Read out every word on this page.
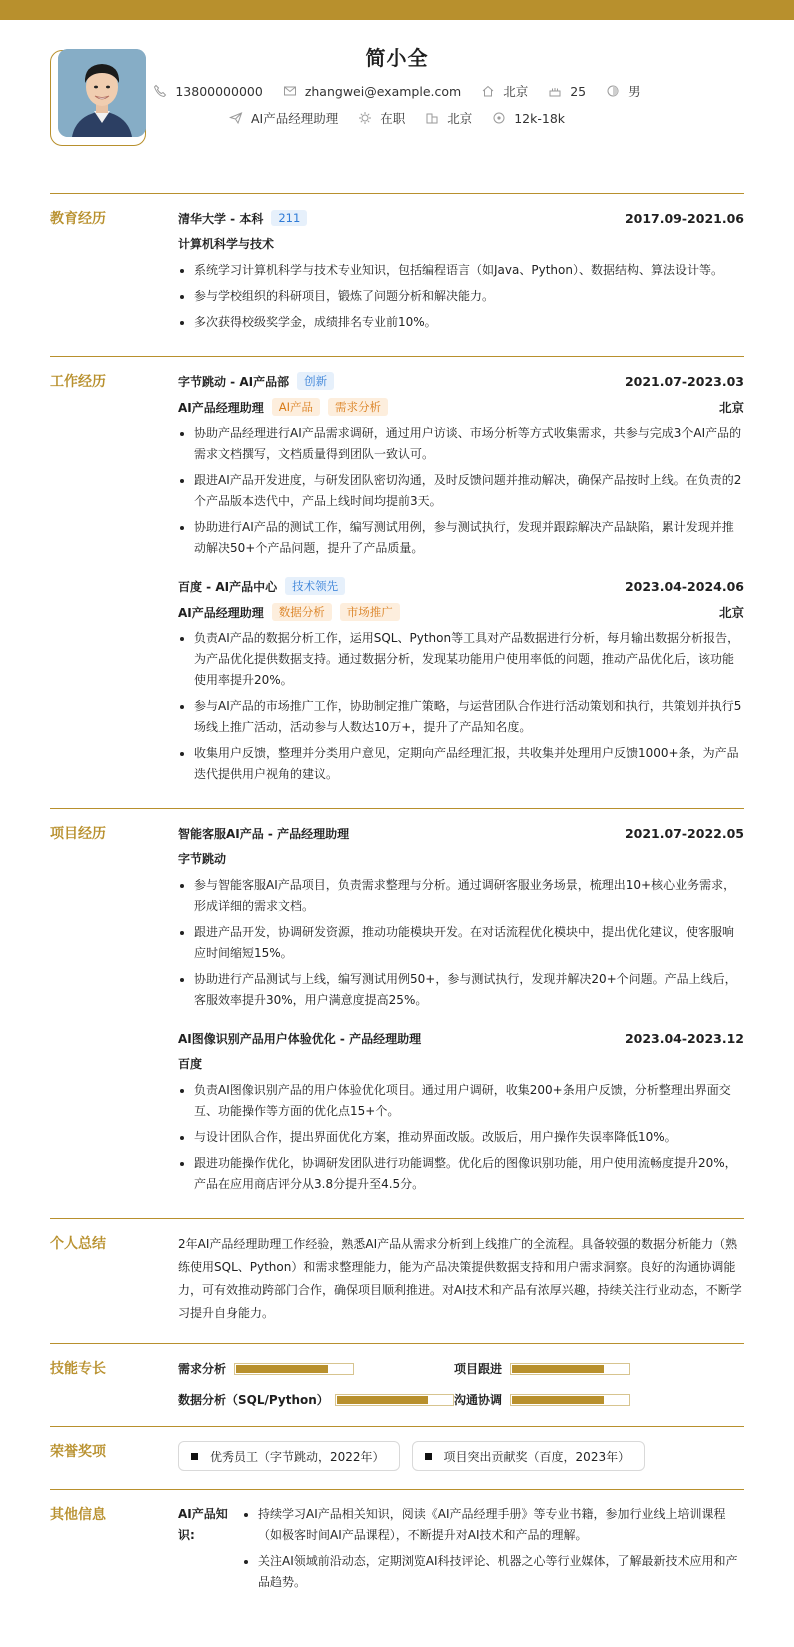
简小全
13800000000	zhangwei@example.com	北京	25	男
AI产品经理助理	在职	北京	12k-18k
教育经历	清华大学 - 本科	211	2017.09-2021.06
计算机科学与技术
系统学习计算机科学与技术专业知识，包括编程语言（如Java、Python）、数据结构、算法设计等。
参与学校组织的科研项目，锻炼了问题分析和解决能力。
多次获得校级奖学金，成绩排名专业前10%。
工作经历	字节跳动 - AI产品部	创新	2021.07-2023.03
AI产品经理助理	AI产品	需求分析	北京
协助产品经理进行AI产品需求调研，通过用户访谈、市场分析等方式收集需求，共参与完成3个AI产品的需求文档撰写，文档质量得到团队一致认可。
跟进AI产品开发进度，与研发团队密切沟通，及时反馈问题并推动解决，确保产品按时上线。在负责的2个产品版本迭代中，产品上线时间均提前3天。
协助进行AI产品的测试工作，编写测试用例，参与测试执行，发现并跟踪解决产品缺陷，累计发现并推动解决50+个产品问题，提升了产品质量。
百度 - AI产品中心	技术领先	2023.04-2024.06
AI产品经理助理	数据分析	市场推广	北京
负责AI产品的数据分析工作，运用SQL、Python等工具对产品数据进行分析，每月输出数据分析报告，为产品优化提供数据支持。通过数据分析，发现某功能用户使用率低的问题，推动产品优化后，该功能使用率提升20%。
参与AI产品的市场推广工作，协助制定推广策略，与运营团队合作进行活动策划和执行，共策划并执行5场线上推广活动，活动参与人数达10万+，提升了产品知名度。
收集用户反馈，整理并分类用户意见，定期向产品经理汇报，共收集并处理用户反馈1000+条，为产品迭代提供用户视角的建议。
项目经历	智能客服AI产品 - 产品经理助理	2021.07-2022.05
字节跳动
参与智能客服AI产品项目，负责需求整理与分析。通过调研客服业务场景，梳理出10+核心业务需求，形成详细的需求文档。
跟进产品开发，协调研发资源，推动功能模块开发。在对话流程优化模块中，提出优化建议，使客服响应时间缩短15%。
协助进行产品测试与上线，编写测试用例50+，参与测试执行，发现并解决20+个问题。产品上线后，客服效率提升30%，用户满意度提高25%。
AI图像识别产品用户体验优化 - 产品经理助理	2023.04-2023.12
百度
负责AI图像识别产品的用户体验优化项目。通过用户调研，收集200+条用户反馈，分析整理出界面交互、功能操作等方面的优化点15+个。
与设计团队合作，提出界面优化方案，推动界面改版。改版后，用户操作失误率降低10%。
跟进功能操作优化，协调研发团队进行功能调整。优化后的图像识别功能，用户使用流畅度提升20%，产品在应用商店评分从3.8分提升至4.5分。
个人总结	2年AI产品经理助理工作经验，熟悉AI产品从需求分析到上线推广的全流程。具备较强的数据分析能力（熟练使用SQL、Python）和需求整理能力，能为产品决策提供数据支持和用户需求洞察。良好的沟通协调能力，可有效推动跨部门合作，确保项目顺利推进。对AI技术和产品有浓厚兴趣，持续关注行业动态，不断学习提升自身能力。
技能专长	需求分析	项目跟进
数据分析（SQL/Python）	沟通协调
荣誉奖项	优秀员工（字节跳动，2022年）	项目突出贡献奖（百度，2023年）
其他信息	AI产品知识:
持续学习AI产品相关知识，阅读《AI产品经理手册》等专业书籍，参加行业线上培训课程（如极客时间AI产品课程），不断提升对AI技术和产品的理解。
关注AI领域前沿动态，定期浏览AI科技评论、机器之心等行业媒体，了解最新技术应用和产品趋势。
